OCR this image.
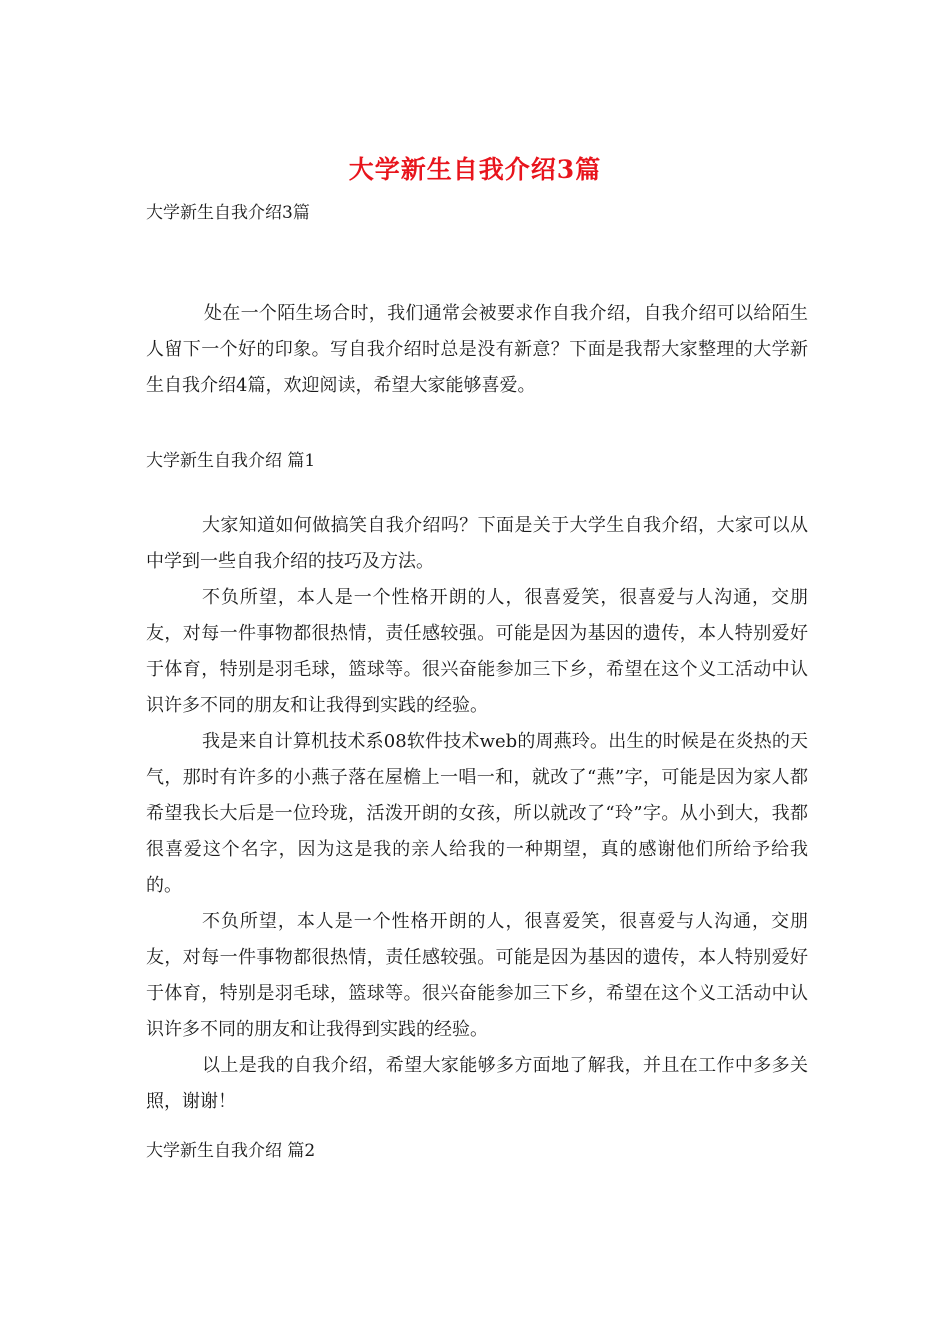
大学新生自我介绍3篇
大学新生自我介绍3篇

处在一个陌生场合时，我们通常会被要求作自我介绍，自我介绍可以给陌生人留下一个好的印象。写自我介绍时总是没有新意？下面是我帮大家整理的大学新生自我介绍4篇，欢迎阅读，希望大家能够喜爱。

大学新生自我介绍 篇1

大家知道如何做搞笑自我介绍吗？下面是关于大学生自我介绍，大家可以从中学到一些自我介绍的技巧及方法。

不负所望，本人是一个性格开朗的人，很喜爱笑，很喜爱与人沟通，交朋友，对每一件事物都很热情，责任感较强。可能是因为基因的遗传，本人特别爱好于体育，特别是羽毛球，篮球等。很兴奋能参加三下乡，希望在这个义工活动中认识许多不同的朋友和让我得到实践的经验。

我是来自计算机技术系08软件技术web的周燕玲。出生的时候是在炎热的天气，那时有许多的小燕子落在屋檐上一唱一和，就改了“燕”字，可能是因为家人都希望我长大后是一位玲珑，活泼开朗的女孩，所以就改了“玲”字。从小到大，我都很喜爱这个名字，因为这是我的亲人给我的一种期望，真的感谢他们所给予给我的。

不负所望，本人是一个性格开朗的人，很喜爱笑，很喜爱与人沟通，交朋友，对每一件事物都很热情，责任感较强。可能是因为基因的遗传，本人特别爱好于体育，特别是羽毛球，篮球等。很兴奋能参加三下乡，希望在这个义工活动中认识许多不同的朋友和让我得到实践的经验。

以上是我的自我介绍，希望大家能够多方面地了解我，并且在工作中多多关照，谢谢！

大学新生自我介绍 篇2
